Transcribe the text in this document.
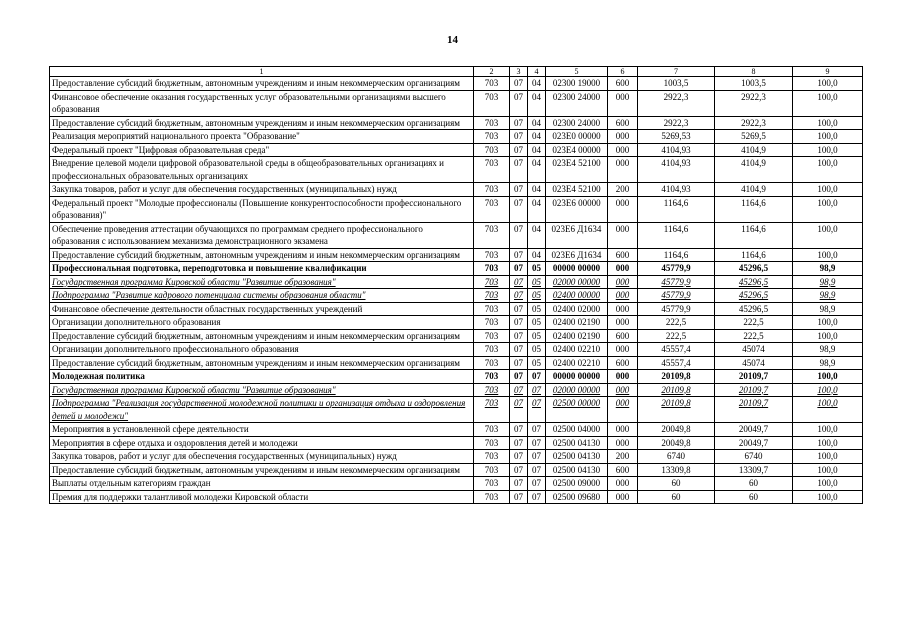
14
1	2	3	4	5	6	7	8	9
Предоставление субсидий бюджетным, автономным учреждениям и иным некоммерческим организациям	703	07	04	02300 19000	600	1003,5	1003,5	100,0
Финансовое обеспечение оказания государственных услуг образовательными организациями высшего образования	703	07	04	02300 24000	000	2922,3	2922,3	100,0
Предоставление субсидий бюджетным, автономным учреждениям и иным некоммерческим организациям	703	07	04	02300 24000	600	2922,3	2922,3	100,0
Реализация мероприятий национального проекта "Образование"	703	07	04	023Е0 00000	000	5269,53	5269,5	100,0
Федеральный проект "Цифровая образовательная среда"	703	07	04	023Е4 00000	000	4104,93	4104,9	100,0
Внедрение целевой модели цифровой образовательной среды в общеобразовательных организациях и профессиональных образовательных организациях	703	07	04	023Е4 52100	000	4104,93	4104,9	100,0
Закупка товаров, работ и услуг для обеспечения государственных (муниципальных) нужд	703	07	04	023Е4 52100	200	4104,93	4104,9	100,0
Федеральный проект "Молодые профессионалы (Повышение конкурентоспособности профессионального образования)"	703	07	04	023Е6 00000	000	1164,6	1164,6	100,0
Обеспечение проведения аттестации обучающихся по программам среднего профессионального образования с использованием механизма демонстрационного экзамена	703	07	04	023Е6 Д1634	000	1164,6	1164,6	100,0
Предоставление субсидий бюджетным, автономным учреждениям и иным некоммерческим организациям	703	07	04	023Е6 Д1634	600	1164,6	1164,6	100,0
Профессиональная подготовка, переподготовка и повышение квалификации	703	07	05	00000 00000	000	45779,9	45296,5	98,9
Государственная программа Кировской области "Развитие образования"	703	07	05	02000 00000	000	45779,9	45296,5	98,9
Подпрограмма "Развитие кадрового потенциала системы образования области"	703	07	05	02400 00000	000	45779,9	45296,5	98,9
Финансовое обеспечение деятельности областных государственных учреждений	703	07	05	02400 02000	000	45779,9	45296,5	98,9
Организации дополнительного образования	703	07	05	02400 02190	000	222,5	222,5	100,0
Предоставление субсидий бюджетным, автономным учреждениям и иным некоммерческим организациям	703	07	05	02400 02190	600	222,5	222,5	100,0
Организации дополнительного профессионального образования	703	07	05	02400 02210	000	45557,4	45074	98,9
Предоставление субсидий бюджетным, автономным учреждениям и иным некоммерческим организациям	703	07	05	02400 02210	600	45557,4	45074	98,9
Молодежная политика	703	07	07	00000 00000	000	20109,8	20109,7	100,0
Государственная программа Кировской области "Развитие образования"	703	07	07	02000 00000	000	20109,8	20109,7	100,0
Подпрограмма "Реализация государственной молодежной политики и организация отдыха и оздоровления детей и молодежи"	703	07	07	02500 00000	000	20109,8	20109,7	100,0
Мероприятия в установленной сфере деятельности	703	07	07	02500 04000	000	20049,8	20049,7	100,0
Мероприятия в сфере отдыха и оздоровления детей и молодежи	703	07	07	02500 04130	000	20049,8	20049,7	100,0
Закупка товаров, работ и услуг для обеспечения государственных (муниципальных) нужд	703	07	07	02500 04130	200	6740	6740	100,0
Предоставление субсидий бюджетным, автономным учреждениям и иным некоммерческим организациям	703	07	07	02500 04130	600	13309,8	13309,7	100,0
Выплаты отдельным категориям граждан	703	07	07	02500 09000	000	60	60	100,0
Премия для поддержки талантливой молодежи Кировской области	703	07	07	02500 09680	000	60	60	100,0
